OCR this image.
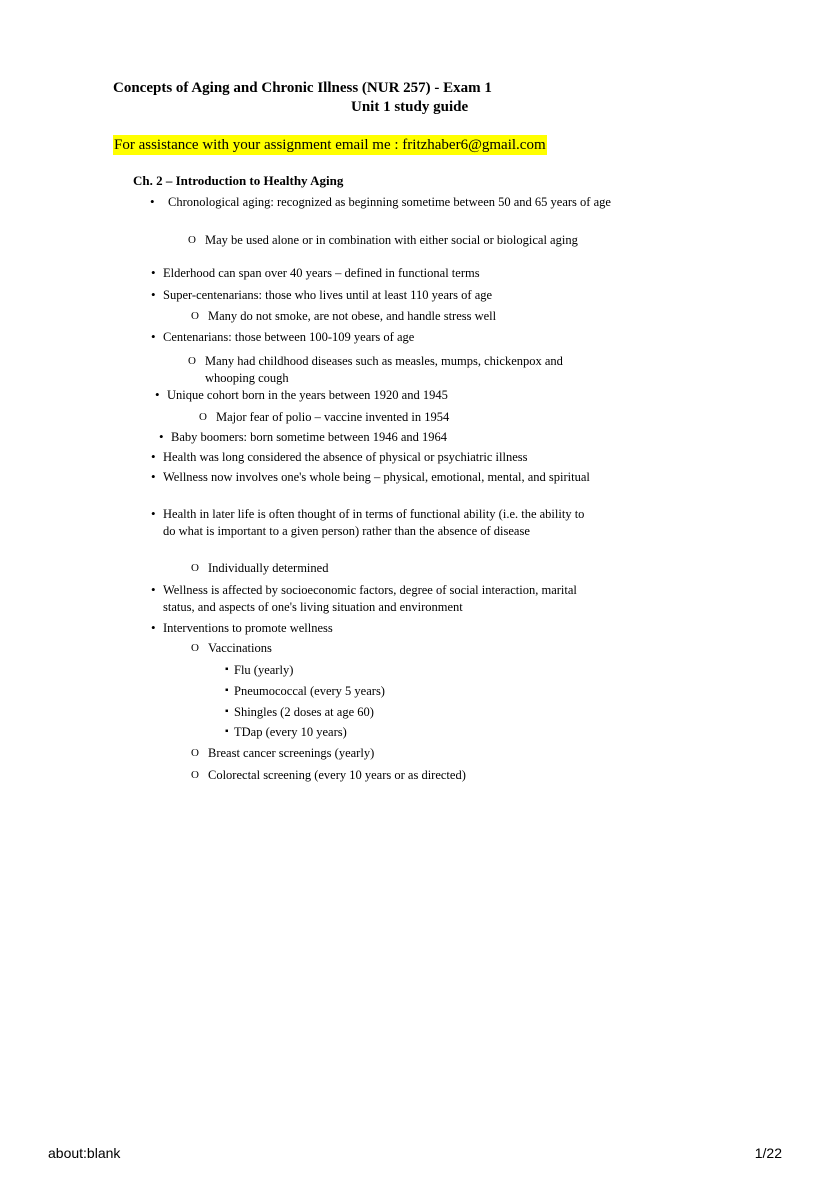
Concepts of Aging and Chronic Illness (NUR 257) - Exam 1
Unit 1 study guide
For assistance with your assignment email me : fritzhaber6@gmail.com
Ch. 2 – Introduction to Healthy Aging
• Chronological aging: recognized as beginning sometime between 50 and 65 years of age
O May be used alone or in combination with either social or biological aging
• Elderhood can span over 40 years – defined in functional terms
• Super-centenarians: those who lives until at least 110 years of age
O Many do not smoke, are not obese, and handle stress well
• Centenarians: those between 100-109 years of age
O Many had childhood diseases such as measles, mumps, chickenpox and whooping cough
• Unique cohort born in the years between 1920 and 1945
O Major fear of polio – vaccine invented in 1954
• Baby boomers: born sometime between 1946 and 1964
• Health was long considered the absence of physical or psychiatric illness
• Wellness now involves one's whole being – physical, emotional, mental, and spiritual
• Health in later life is often thought of in terms of functional ability (i.e. the ability to do what is important to a given person) rather than the absence of disease
O Individually determined
• Wellness is affected by socioeconomic factors, degree of social interaction, marital status, and aspects of one's living situation and environment
• Interventions to promote wellness
O Vaccinations
▪ Flu (yearly)
▪ Pneumococcal (every 5 years)
▪ Shingles (2 doses at age 60)
▪ TDap (every 10 years)
O Breast cancer screenings (yearly)
O Colorectal screening (every 10 years or as directed)
about:blank	1/22
